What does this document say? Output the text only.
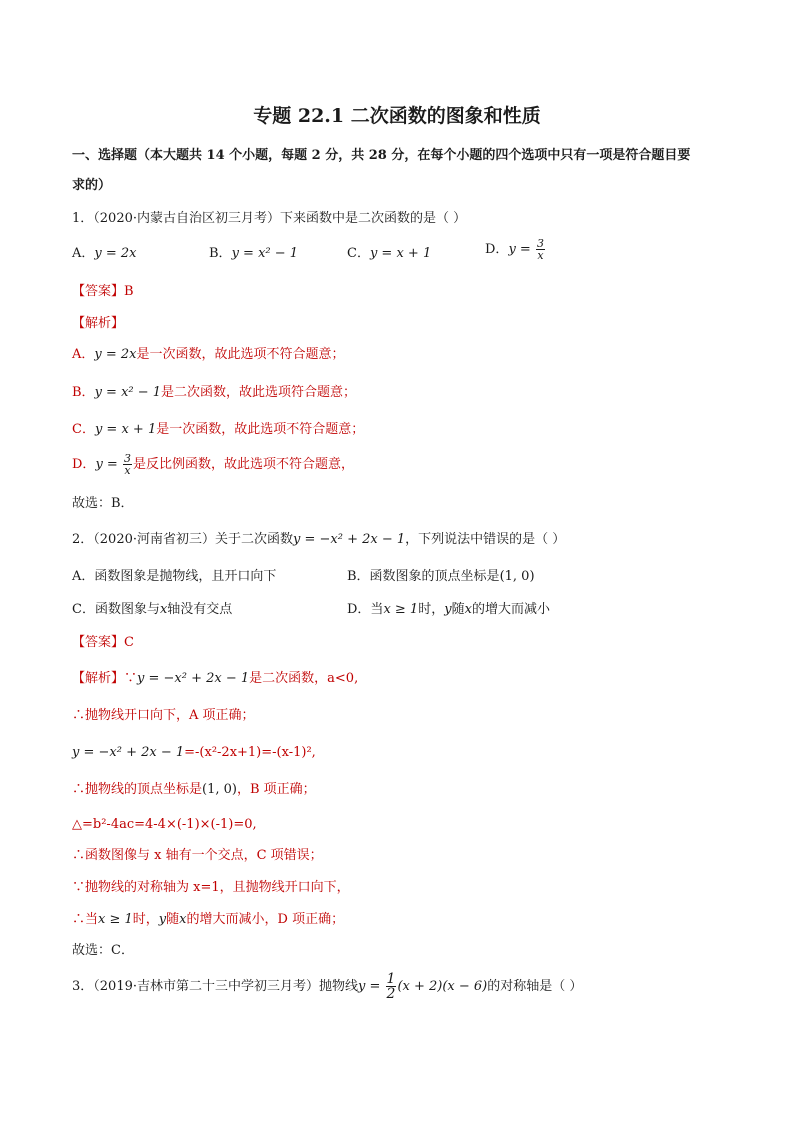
专题 22.1 二次函数的图象和性质
一、选择题（本大题共 14 个小题，每题 2 分，共 28 分，在每个小题的四个选项中只有一项是符合题目要
求的）
1．（2020·内蒙古自治区初三月考）下来函数中是二次函数的是（ ）
A．y = 2x	B．y = x² − 1	C．y = x + 1	D．$y = \frac{3}{x}$
【答案】B
【解析】
A．y = 2x是一次函数，故此选项不符合题意；
B．y = x² − 1是二次函数，故此选项符合题意；
C．y = x + 1是一次函数，故此选项不符合题意；
D．$y = \frac{3}{x}$ 是反比例函数，故此选项不符合题意，
故选：B．
2．（2020·河南省初三）关于二次函数y = −x² + 2x − 1，下列说法中错误的是（ ）
A．函数图象是抛物线，且开口向下	B．函数图象的顶点坐标是(1, 0)
C．函数图象与x轴没有交点	D．当x ≥ 1时，y随x的增大而减小
【答案】C
【解析】∵y = −x² + 2x − 1是二次函数，a<0,
∴抛物线开口向下，A 项正确；
y = −x² + 2x − 1=-(x²-2x+1)=-(x-1)²,
∴抛物线的顶点坐标是(1, 0)，B 项正确；
△=b²-4ac=4-4×(-1)×(-1)=0,
∴函数图像与 x 轴有一个交点，C 项错误；
∵抛物线的对称轴为 x=1，且抛物线开口向下，
∴当x ≥ 1时，y随x的增大而减小，D 项正确；
故选：C．
3．（2019·吉林市第二十三中学初三月考）抛物线$y = \frac{1}{2} (x + 2)(x - 6)$的对称轴是（ ）
